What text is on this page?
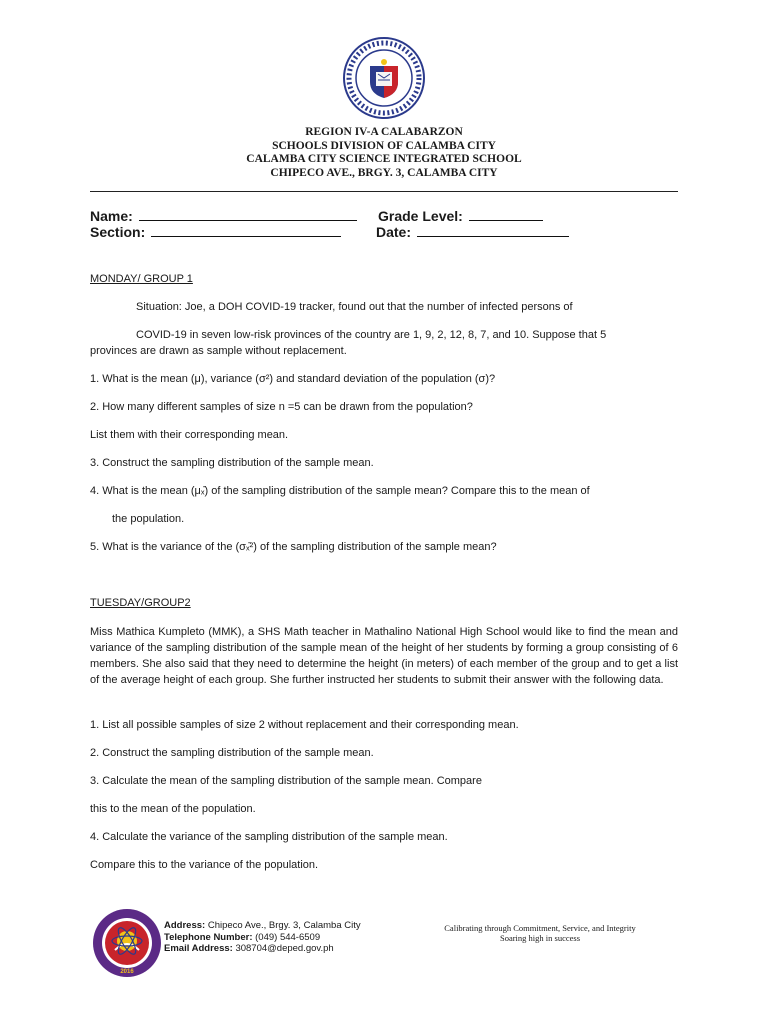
REGION IV-A CALABARZON
SCHOOLS DIVISION OF CALAMBA CITY
CALAMBA CITY SCIENCE INTEGRATED SCHOOL
CHIPECO AVE., BRGY. 3, CALAMBA CITY
Name:	Grade Level:
Section:	Date:
MONDAY/ GROUP 1
Situation: Joe, a DOH COVID-19 tracker, found out that the number of infected persons of
COVID-19 in seven low-risk provinces of the country are 1, 9, 2, 12, 8, 7, and 10. Suppose that 5
provinces are drawn as sample without replacement.
1. What is the mean (μ), variance (σ²) and standard deviation of the population (σ)?
2. How many different samples of size n =5 can be drawn from the population?
List them with their corresponding mean.
3. Construct the sampling distribution of the sample mean.
4. What is the mean (μₓ̄) of the sampling distribution of the sample mean? Compare this to the mean of
the population.
5. What is the variance of the (σₓ̄²) of the sampling distribution of the sample mean?
TUESDAY/GROUP2
Miss Mathica Kumpleto (MMK), a SHS Math teacher in Mathalino National High School would like to find the mean and variance of the sampling distribution of the sample mean of the height of her students by forming a group consisting of 6 members. She also said that they need to determine the height (in meters) of each member of the group and to get a list of the average height of each group. She further instructed her students to submit their answer with the following data.
1. List all possible samples of size 2 without replacement and their corresponding mean.
2. Construct the sampling distribution of the sample mean.
3. Calculate the mean of the sampling distribution of the sample mean. Compare
this to the mean of the population.
4. Calculate the variance of the sampling distribution of the sample mean.
Compare this to the variance of the population.
2016
Address: Chipeco Ave., Brgy. 3, Calamba City
Telephone Number: (049) 544-6509
Email Address: 308704@deped.gov.ph
Calibrating through Commitment, Service, and Integrity
Soaring high in success
